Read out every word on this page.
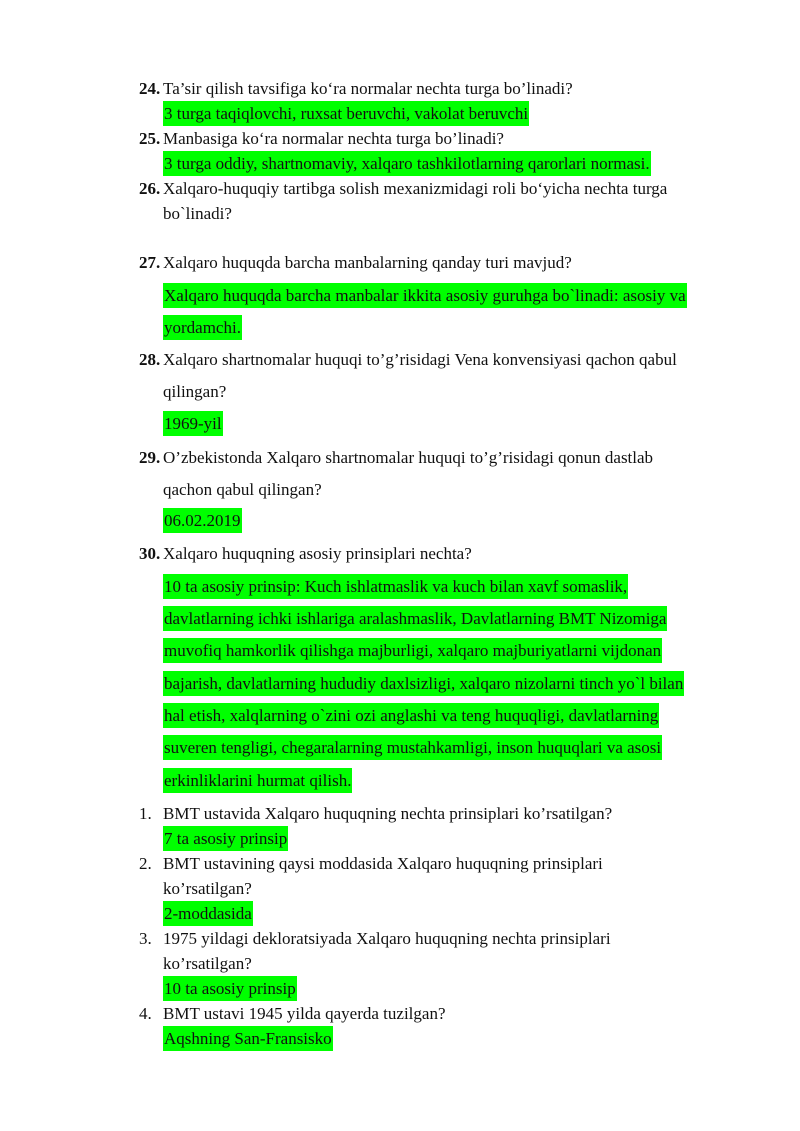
24. Ta’sir qilish tavsifiga ko‘ra normalar nechta turga bo’linadi?
3 turga taqiqlovchi, ruxsat beruvchi, vakolat beruvchi
25. Manbasiga ko‘ra normalar nechta turga bo’linadi?
3 turga oddiy, shartnomaviy, xalqaro tashkilotlarning qarorlari normasi.
26. Xalqaro-huquqiy tartibga solish mexanizmidagi roli bo‘yicha nechta turga
bo`linadi?
27. Xalqaro huquqda barcha manbalarning qanday turi mavjud?
Xalqaro huquqda barcha manbalar ikkita asosiy guruhga bo`linadi: asosiy va
yordamchi.
28. Xalqaro shartnomalar huquqi to’g’risidagi Vena konvensiyasi qachon qabul
qilingan?
1969-yil
29. O’zbekistonda Xalqaro shartnomalar huquqi to’g’risidagi qonun dastlab
qachon qabul qilingan?
06.02.2019
30. Xalqaro huquqning asosiy prinsiplari nechta?
10 ta asosiy prinsip: Kuch ishlatmaslik va kuch bilan xavf somaslik,
davlatlarning ichki ishlariga aralashmaslik, Davlatlarning BMT Nizomiga
muvofiq hamkorlik qilishga majburligi, xalqaro majburiyatlarni vijdonan
bajarish, davlatlarning hududiy daxlsizligi, xalqaro nizolarni tinch yo`l bilan
hal etish, xalqlarning o`zini ozi anglashi va teng huquqligi, davlatlarning
suveren tengligi, chegaralarning mustahkamligi, inson huquqlari va asosi
erkinliklarini hurmat qilish.
1. BMT ustavida Xalqaro huquqning nechta prinsiplari ko’rsatilgan?
7 ta asosiy prinsip
2. BMT ustavining qaysi moddasida Xalqaro huquqning prinsiplari
ko’rsatilgan?
2-moddasida
3. 1975 yildagi dekloratsiyada Xalqaro huquqning nechta prinsiplari
ko’rsatilgan?
10 ta asosiy prinsip
4. BMT ustavi 1945 yilda qayerda tuzilgan?
Aqshning San-Fransisko
